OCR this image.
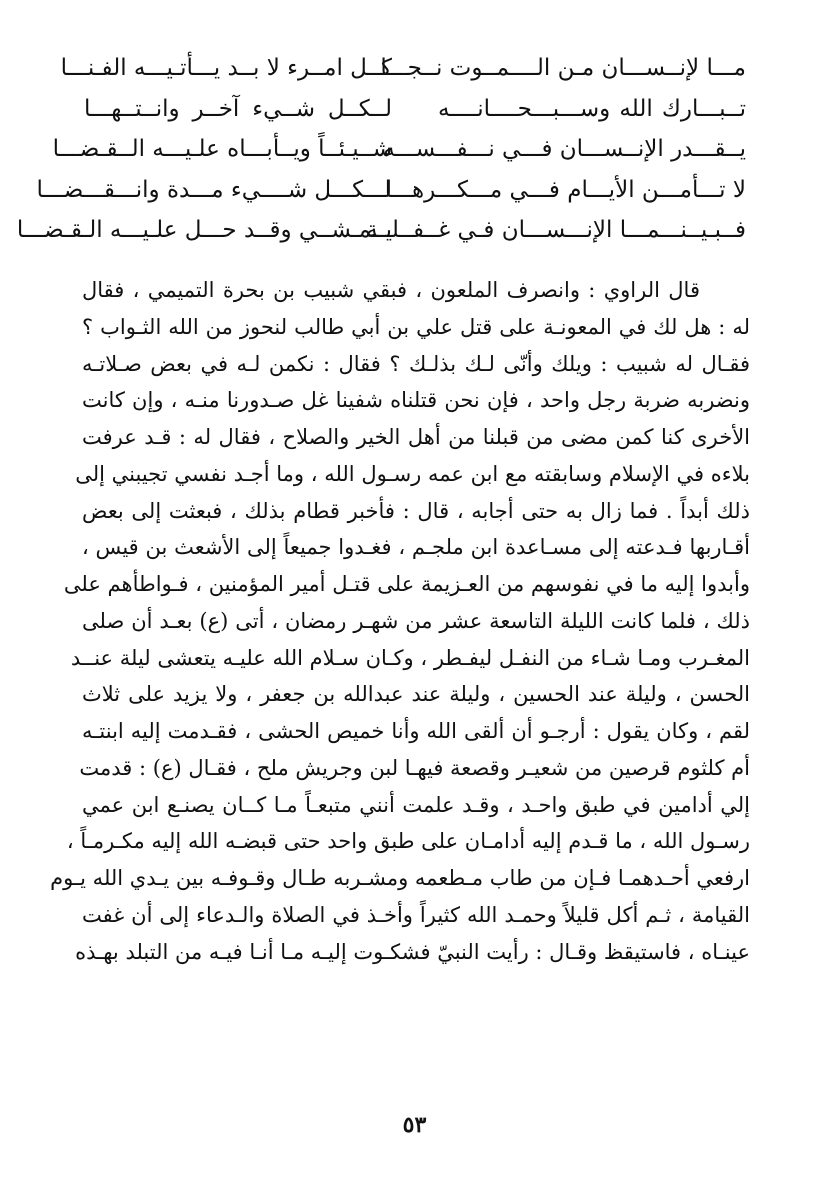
مـــا لإنــســـان مـن الــــمــوت نــجـــا
كــل امــرء لا بــد يـــأتـيـــه الفـنـــا
تــبـــارك الله وســـبـــحــــانــــه
لــكــل شــيء آخــر وانــتــهـــا
يــقـــدر الإنــســـان فـــي نـــفـــســـه
شــيـئــاً ويــأبـــاه علـيـــه الــقـضـــا
لا تـــأمـــن الأيـــام فـــي مـــكـــرهـــا
لـــكـــل شــــيء مـــدة وانـــقـــضـــا
فــبـيــنـــمـــا الإنـــســـان فـي غــفــلــة
يــمـشــي وقــد حـــل علـيـــه الـقـضـــا
قال الراوي : وانصرف الملعون ، فبقي شبيب بن بحرة التميمي ، فقال
له : هل لك في المعونـة على قتل علي بن أبي طالب لنحوز من الله الثـواب ؟
فقـال له شبيب : ويلك وأنّى لـك بذلـك ؟ فقال : نكمن لـه في بعض صـلاتـه
ونضربه ضربة رجل واحد ، فإن نحن قتلناه شفينا غل صـدورنا منـه ، وإن كانت
الأخرى كنا كمن مضى من قبلنا من أهل الخير والصلاح ، فقال له : قـد عرفت
بلاءه في الإسلام وسابقته مع ابن عمه رسـول الله ، وما أجـد نفسي تجيبني إلى
ذلك أبداً . فما زال به حتى أجابه ، قال : فأخبر قطام بذلك ، فبعثت إلى بعض
أقـاربها فـدعته إلى مسـاعدة ابن ملجـم ، فغـدوا جميعاً إلى الأشعث بن قيس ،
وأبدوا إليه ما في نفوسهم من العـزيمة على قتـل أمير المؤمنين ، فـواطأهم على
ذلك ، فلما كانت الليلة التاسعة عشر من شهـر رمضان ، أتى (ع) بعـد أن صلى
المغـرب ومـا شـاء من النفـل ليفـطر ، وكـان سـلام الله عليـه يتعشى ليلة عنــد
الحسن ، وليلة عند الحسين ، وليلة عند عبدالله بن جعفر ، ولا يزيد على ثلاث
لقم ، وكان يقول : أرجـو أن ألقى الله وأنا خميص الحشى ، فقـدمت إليه ابنتـه
أم كلثوم قرصين من شعيـر وقصعة فيهـا لبن وجريش ملح ، فقـال (ع) : قدمت
إلي أدامين في طبق واحـد ، وقـد علمت أنني متبعـاً مـا كــان يصنـع ابن عمي
رسـول الله ، ما قـدم إليه أدامـان على طبق واحد حتى قبضـه الله إليه مكـرمـاً ،
ارفعي أحـدهمـا فـإن من طاب مـطعمه ومشـربه طـال وقـوفـه بين يـدي الله يـوم
القيامة ، ثـم أكل قليلاً وحمـد الله كثيراً وأخـذ في الصلاة والـدعاء إلى أن غفت
عينـاه ، فاستيقظ وقـال : رأيت النبيّ فشكـوت إليـه مـا أنـا فيـه من التبلد بهـذه
٥٣
